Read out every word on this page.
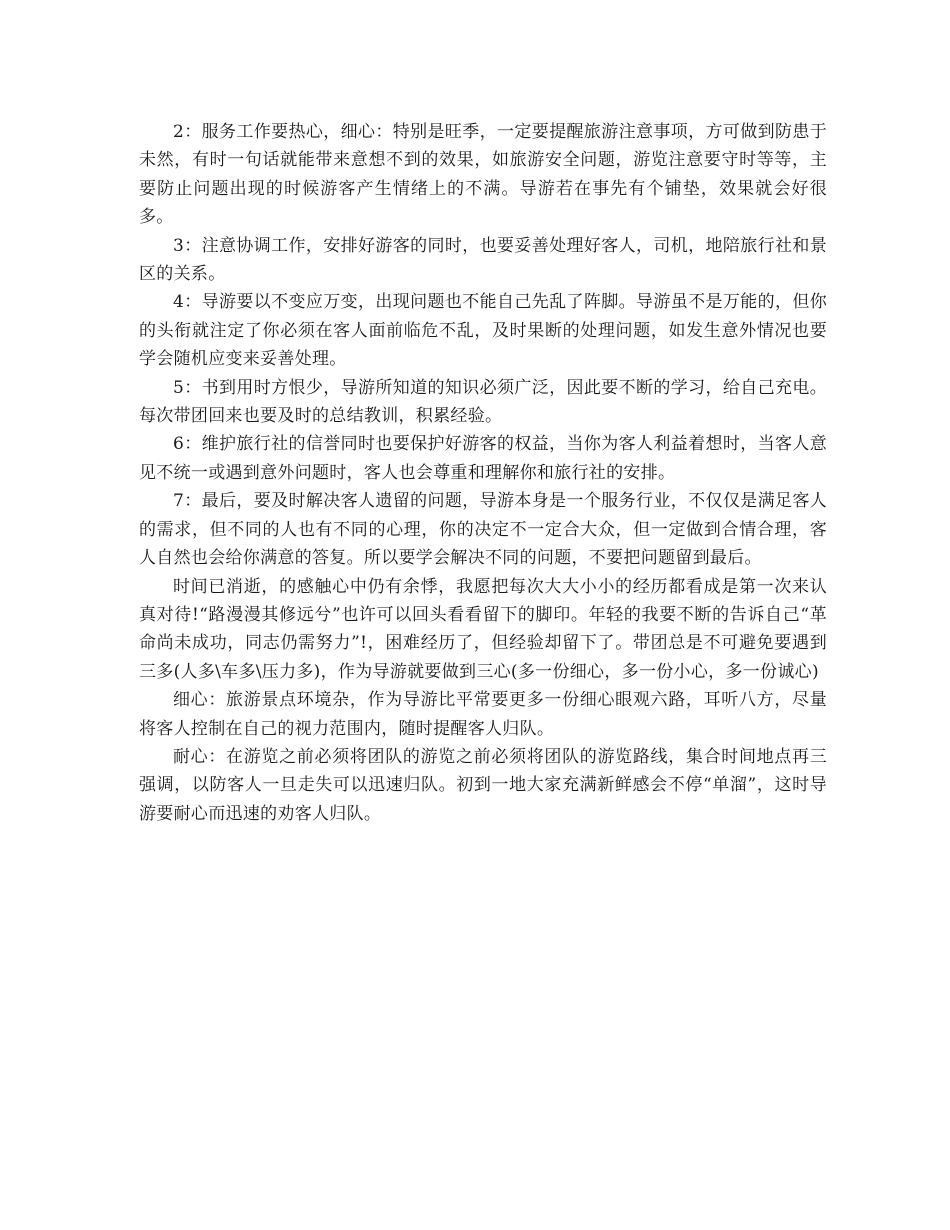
2：服务工作要热心，细心：特别是旺季，一定要提醒旅游注意事项，方可做到防患于未然，有时一句话就能带来意想不到的效果，如旅游安全问题，游览注意要守时等等，主要防止问题出现的时候游客产生情绪上的不满。导游若在事先有个铺垫，效果就会好很多。

3：注意协调工作，安排好游客的同时，也要妥善处理好客人，司机，地陪旅行社和景区的关系。

4：导游要以不变应万变，出现问题也不能自己先乱了阵脚。导游虽不是万能的，但你的头衔就注定了你必须在客人面前临危不乱，及时果断的处理问题，如发生意外情况也要学会随机应变来妥善处理。

5：书到用时方恨少，导游所知道的知识必须广泛，因此要不断的学习，给自己充电。每次带团回来也要及时的总结教训，积累经验。

6：维护旅行社的信誉同时也要保护好游客的权益，当你为客人利益着想时，当客人意见不统一或遇到意外问题时，客人也会尊重和理解你和旅行社的安排。

7：最后，要及时解决客人遗留的问题，导游本身是一个服务行业，不仅仅是满足客人的需求，但不同的人也有不同的心理，你的决定不一定合大众，但一定做到合情合理，客人自然也会给你满意的答复。所以要学会解决不同的问题，不要把问题留到最后。

时间已消逝，的感触心中仍有余悸，我愿把每次大大小小的经历都看成是第一次来认真对待!“路漫漫其修远兮”也许可以回头看看留下的脚印。年轻的我要不断的告诉自己“革命尚未成功，同志仍需努力”!，困难经历了，但经验却留下了。带团总是不可避免要遇到三多(人多\车多\压力多)，作为导游就要做到三心(多一份细心，多一份小心，多一份诚心)

细心：旅游景点环境杂，作为导游比平常要更多一份细心眼观六路，耳听八方，尽量将客人控制在自己的视力范围内，随时提醒客人归队。

耐心：在游览之前必须将团队的游览之前必须将团队的游览路线，集合时间地点再三强调，以防客人一旦走失可以迅速归队。初到一地大家充满新鲜感会不停“单溜”，这时导游要耐心而迅速的劝客人归队。
